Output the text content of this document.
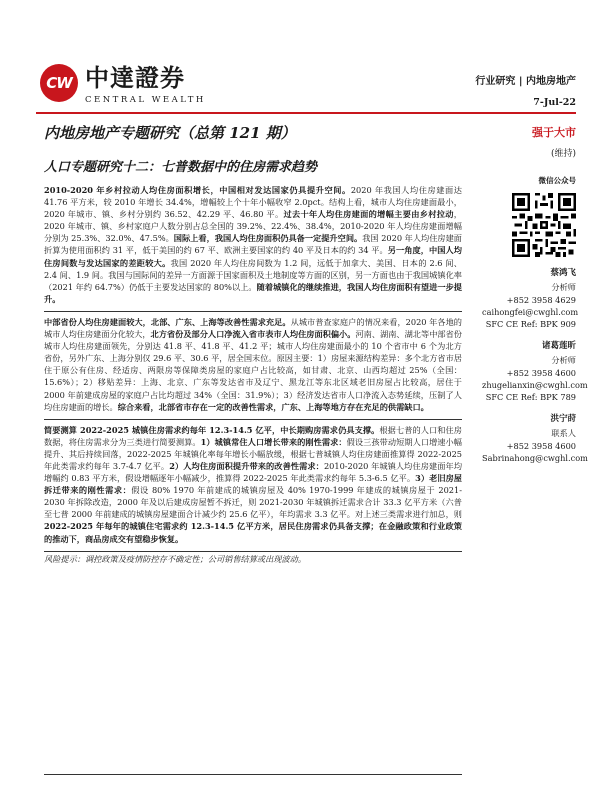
CW 中達證券
CENTRAL WEALTH
行业研究 | 内地房地产
7-Jul-22
内地房地产专题研究（总第 121 期）
人口专题研究十二：七普数据中的住房需求趋势
强于大市
(维持)

2010-2020 年乡村拉动人均住房面积增长，中国相对发达国家仍具提升空间。2020 年我国人均住房建面达 41.76 平方米，较 2010 年增长 34.4%，增幅较上个十年小幅收窄 2.0pct。结构上看，城市人均住房建面最小，2020 年城市、镇、乡村分别约 36.52、42.29 平、46.80 平。过去十年人均住房建面的增幅主要由乡村拉动，2020 年城市、镇、乡村家庭户人数分别占总全国的 39.2%、22.4%、38.4%，2010-2020 年人均住房建面增幅分别为 25.3%、32.0%、47.5%。国际上看，我国人均住房面积仍具备一定提升空间。我国 2020 年人均住房建面折算为使用面积约 31 平，低于美国的约 67 平、欧洲主要国家的约 40 平及日本的约 34 平。另一角度，中国人均住房间数与发达国家的差距较大。我国 2020 年人均住房间数为 1.2 间，远低于加拿大、美国、日本的 2.6 间、2.4 间、1.9 间。我国与国际间的差异一方面源于国家面积及土地制度等方面的区别，另一方面也由于我国城镇化率（2021 年约 64.7%）仍低于主要发达国家的 80%以上。随着城镇化的继续推进，我国人均住房面积有望进一步提升。

中部省份人均住房建面较大，北部、广东、上海等改善性需求充足。从城市普查家庭户的情况来看，2020 年各地的城市人均住房建面分化较大，北方省份及部分人口净流入省市表市人均住房面积偏小。河南、湖南、湖北等中部省份城市人均住房建面领先，分别达 41.8 平、41.8 平、41.2 平；城市人均住房建面最小的 10 个省市中 6 个为北方省份，另外广东、上海分别仅 29.6 平、30.6 平，居全国末位。原因主要：1）房屋来源结构差异：多个北方省市居住于原公有住房、经适房、两限房等保障类房屋的家庭户占比较高，如甘肃、北京、山西均超过 25%（全国：15.6%）；2）移贴差异：上海、北京、广东等发达省市及辽宁、黑龙江等东北区域老旧房屋占比较高，居住于 2000 年前建成房屋的家庭户占比均超过 34%（全国：31.9%）；3）经济发达省市人口净流入态势延续，压制了人均住房建面的增长。综合来看，北部省市存在一定的改善性需求，广东、上海等地方存在充足的供需缺口。

简要测算 2022-2025 城镇住房需求约每年 12.3-14.5 亿平，中长期购房需求仍具支撑。根据七普的人口和住房数据，将住房需求分为三类进行简要测算。1）城镇常住人口增长带来的刚性需求：假设三孩带动短期人口增速小幅提升、其后持续回落，2022-2025 年城镇化率每年增长小幅放缓，根据七普城镇人均住房建面推算得 2022-2025 年此类需求约每年 3.7-4.7 亿平。2）人均住房面积提升带来的改善性需求：2010-2020 年城镇人均住房建面年均增幅约 0.83 平方米，假设增幅逐年小幅减少，推算得 2022-2025 年此类需求约每年 5.3-6.5 亿平。3）老旧房屋拆迁带来的刚性需求：假设 80% 1970 年前建成的城镇房屋及 40% 1970-1999 年建成的城镇房屋于 2021-2030 年拆除改造，2000 年及以后建成房屋暂不拆迁，则 2021-2030 年城镇拆迁需求合计 33.3 亿平方米（六普至七普 2000 年前建成的城镇房屋建面合计减少约 25.6 亿平），年均需求 3.3 亿平。对上述三类需求进行加总，则 2022-2025 年每年的城镇住宅需求约 12.3-14.5 亿平方米，居民住房需求仍具备支撑；在金融政策和行业政策的推动下，商品房成交有望稳步恢复。

风险提示：调控政策及疫情防控存不确定性；公司销售结算或出现波动。

微信公众号
蔡鸿飞
分析师
+852 3958 4629
caihongfei@cwghl.com
SFC CE Ref: BPK 909
诸葛莲昕
分析师
+852 3958 4600
zhugelianxin@cwghl.com
SFC CE Ref: BPK 789
洪宁莳
联系人
+852 3958 4600
Sabrinahong@cwghl.com
